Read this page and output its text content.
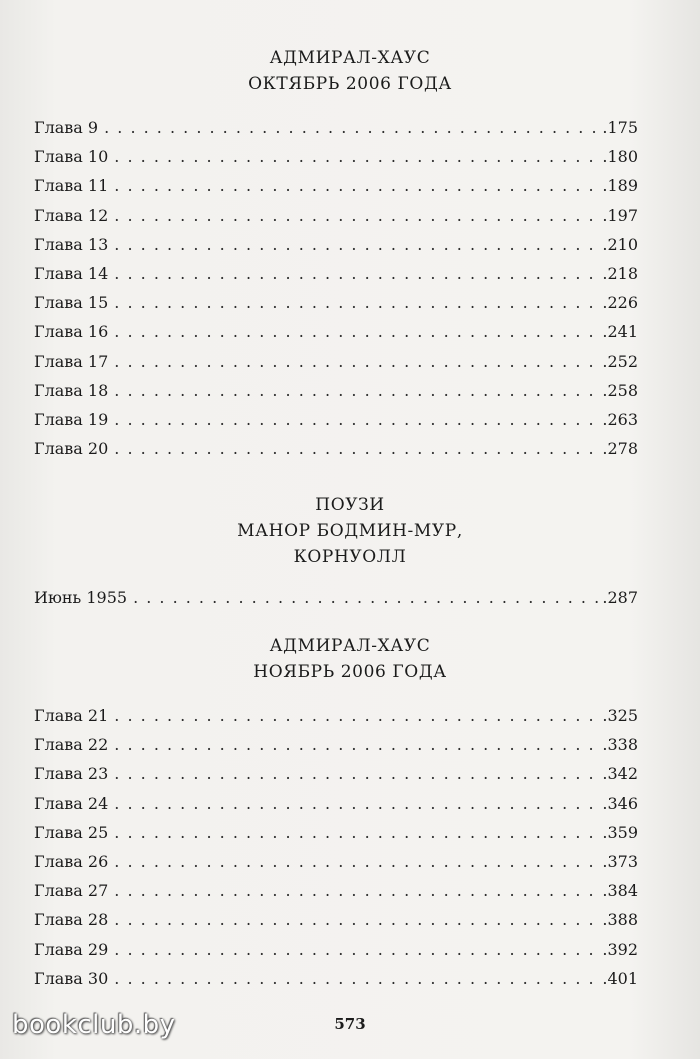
АДМИРАЛ-ХАУС
ОКТЯБРЬ 2006 ГОДА
Глава 9 . . .	.175
Глава 10 . . .	.180
Глава 11 . . .	.189
Глава 12 . . .	.197
Глава 13 . . .	.210
Глава 14 . . .	.218
Глава 15 . . .	.226
Глава 16 . . .	.241
Глава 17 . . .	.252
Глава 18 . . .	.258
Глава 19 . . .	.263
Глава 20 . . .	.278
ПОУЗИ
МАНОР БОДМИН-МУР,
КОРНУОЛЛ
Июнь 1955 . . .	.287
АДМИРАЛ-ХАУС
НОЯБРЬ 2006 ГОДА
Глава 21 . . .	.325
Глава 22 . . .	.338
Глава 23 . . .	.342
Глава 24 . . .	.346
Глава 25 . . .	.359
Глава 26 . . .	.373
Глава 27 . . .	.384
Глава 28 . . .	.388
Глава 29 . . .	.392
Глава 30 . . .	.401
573
bookclub.by
